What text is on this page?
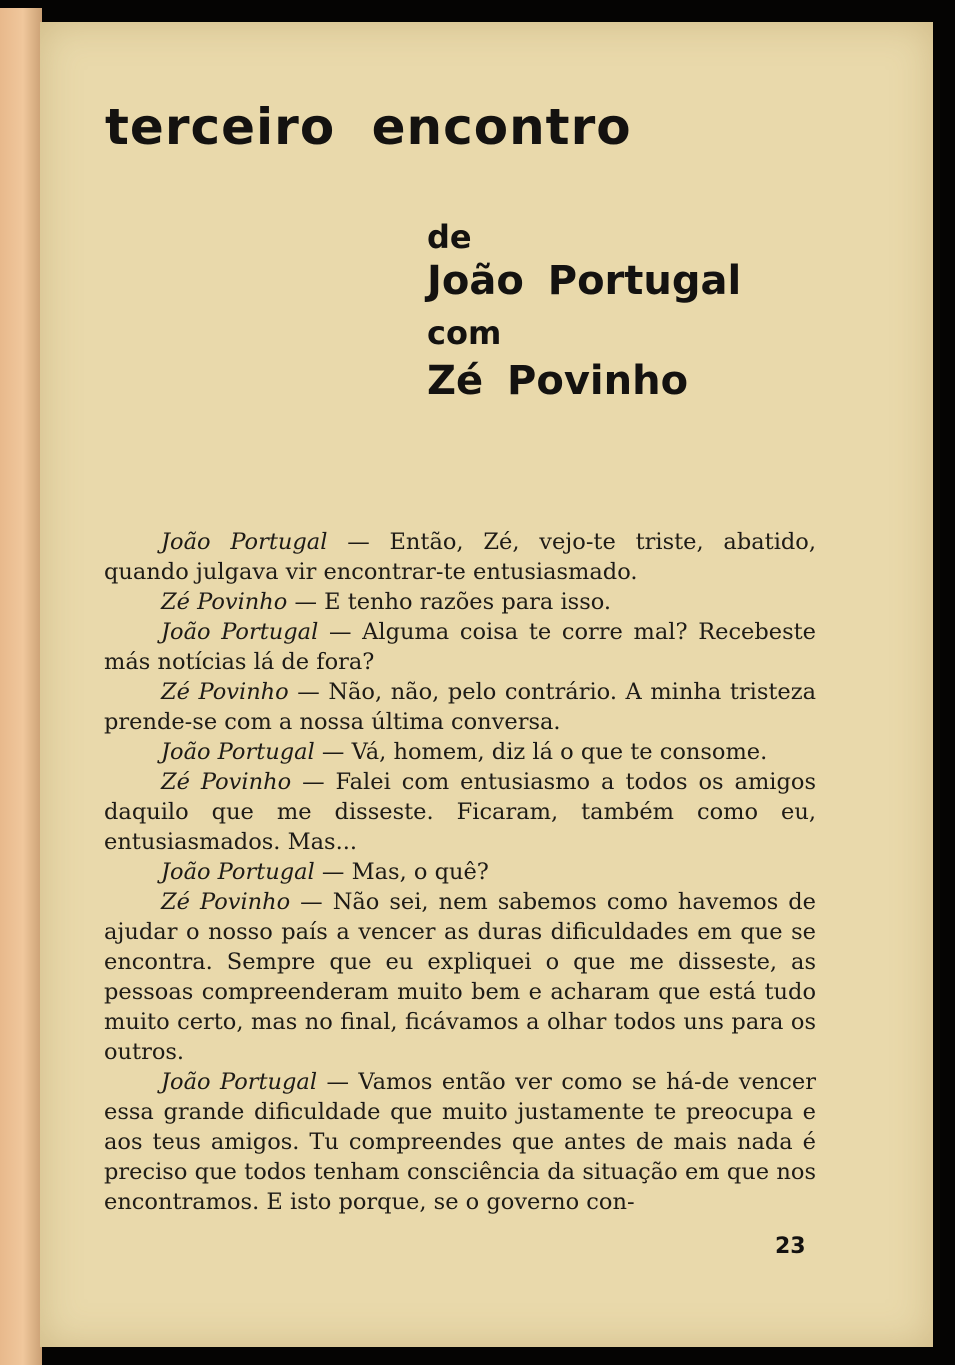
terceiro encontro
de
João Portugal
com
Zé Povinho

João Portugal — Então, Zé, vejo-te triste, abatido, quando julgava vir encontrar-te entusiasmado.

Zé Povinho — E tenho razões para isso.

João Portugal — Alguma coisa te corre mal? Recebeste más notícias lá de fora?

Zé Povinho — Não, não, pelo contrário. A minha tristeza prende-se com a nossa última conversa.

João Portugal — Vá, homem, diz lá o que te consome.

Zé Povinho — Falei com entusiasmo a todos os amigos daquilo que me disseste. Ficaram, também como eu, entusiasmados. Mas...

João Portugal — Mas, o quê?

Zé Povinho — Não sei, nem sabemos como havemos de ajudar o nosso país a vencer as duras dificuldades em que se encontra. Sempre que eu expliquei o que me disseste, as pessoas compreenderam muito bem e acharam que está tudo muito certo, mas no final, ficávamos a olhar todos uns para os outros.

João Portugal — Vamos então ver como se há-de vencer essa grande dificuldade que muito justamente te preocupa e aos teus amigos. Tu compreendes que antes de mais nada é preciso que todos tenham consciência da situação em que nos encontramos. E isto porque, se o governo con-

23
